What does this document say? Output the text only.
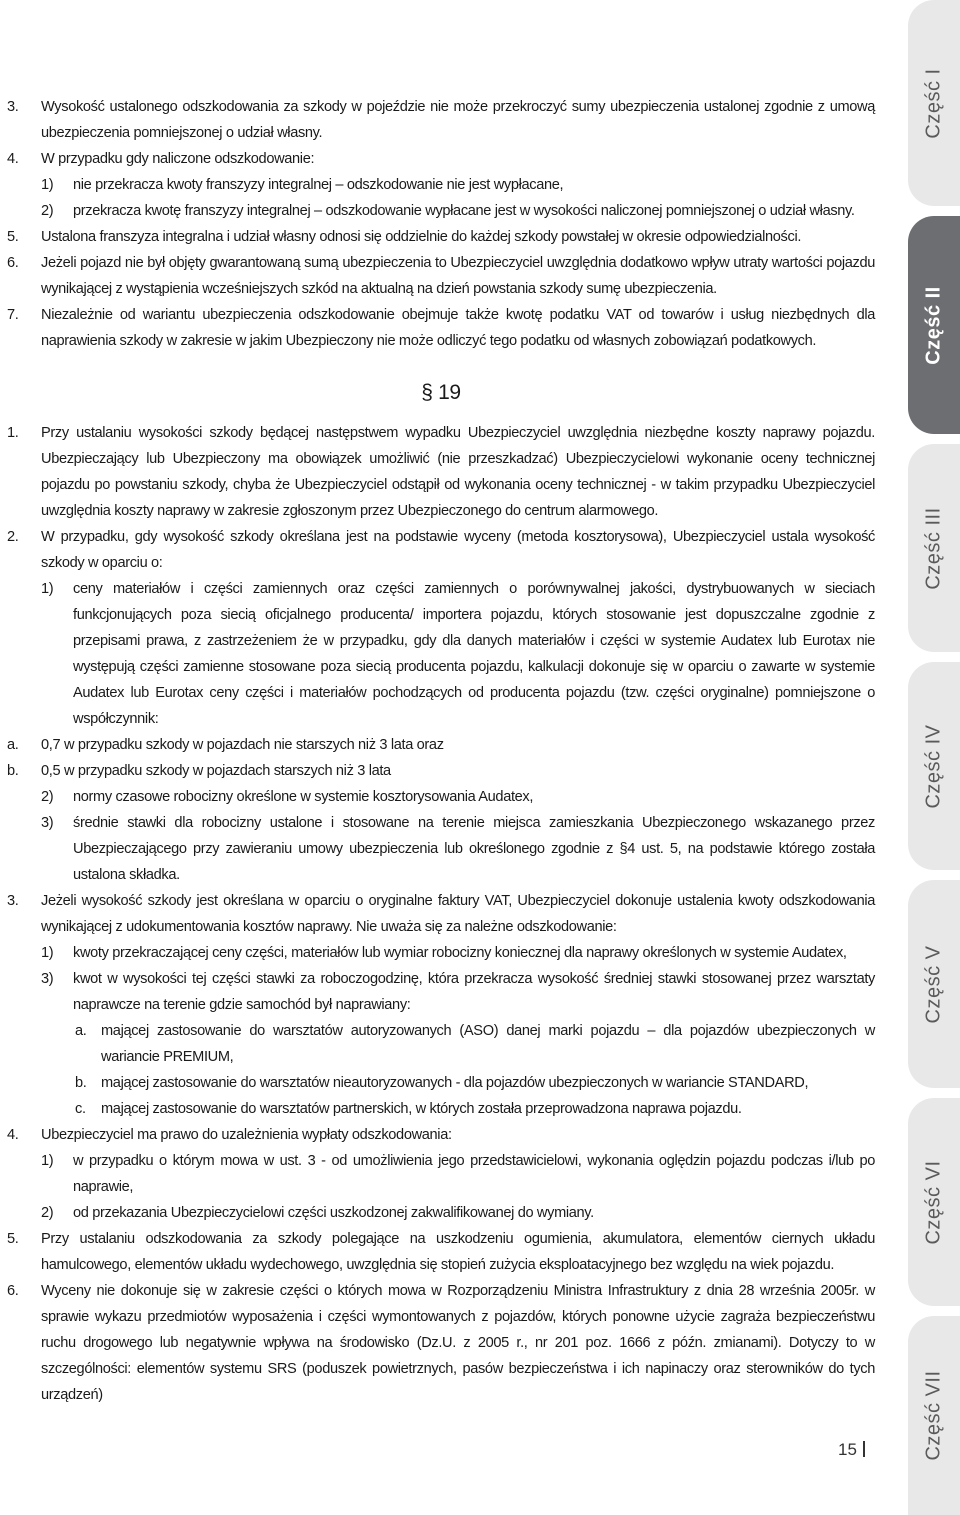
3. Wysokość ustalonego odszkodowania za szkody w pojeździe nie może przekroczyć sumy ubezpieczenia ustalonej zgodnie z umową ubezpieczenia pomniejszonej o udział własny.
4. W przypadku gdy naliczone odszkodowanie:
1) nie przekracza kwoty franszyzy integralnej – odszkodowanie nie jest wypłacane,
2) przekracza kwotę franszyzy integralnej – odszkodowanie wypłacane jest w wysokości naliczonej pomniejszonej o udział własny.
5. Ustalona franszyza integralna i udział własny odnosi się oddzielnie do każdej szkody powstałej w okresie odpowiedzialności.
6. Jeżeli pojazd nie był objęty gwarantowaną sumą ubezpieczenia to Ubezpieczyciel uwzględnia dodatkowo wpływ utraty wartości pojazdu wynikającej z wystąpienia wcześniejszych szkód na aktualną na dzień powstania szkody sumę ubezpieczenia.
7. Niezależnie od wariantu ubezpieczenia odszkodowanie obejmuje także kwotę podatku VAT od towarów i usług niezbędnych dla naprawienia szkody w zakresie w jakim Ubezpieczony nie może odliczyć tego podatku od własnych zobowiązań podatkowych.
§ 19
1. Przy ustalaniu wysokości szkody będącej następstwem wypadku Ubezpieczyciel uwzględnia niezbędne koszty naprawy pojazdu. Ubezpieczający lub Ubezpieczony ma obowiązek umożliwić (nie przeszkadzać) Ubezpieczycielowi wykonanie oceny technicznej pojazdu po powstaniu szkody, chyba że Ubezpieczyciel odstąpił od wykonania oceny technicznej - w takim przypadku Ubezpieczyciel uwzględnia koszty naprawy w zakresie zgłoszonym przez Ubezpieczonego do centrum alarmowego.
2. W przypadku, gdy wysokość szkody określana jest na podstawie wyceny (metoda kosztorysowa), Ubezpieczyciel ustala wysokość szkody w oparciu o:
1) ceny materiałów i części zamiennych oraz części zamiennych o porównywalnej jakości, dystrybuowanych w sieciach funkcjonujących poza siecią oficjalnego producenta/ importera pojazdu, których stosowanie jest dopuszczalne zgodnie z przepisami prawa, z zastrzeżeniem że w przypadku, gdy dla danych materiałów i części w systemie Audatex lub Eurotax nie występują części zamienne stosowane poza siecią producenta pojazdu, kalkulacji dokonuje się w oparciu o zawarte w systemie Audatex lub Eurotax ceny części i materiałów pochodzących od producenta pojazdu (tzw. części oryginalne) pomniejszone o współczynnik:
a. 0,7 w przypadku szkody w pojazdach nie starszych niż 3 lata oraz
b. 0,5 w przypadku szkody w pojazdach starszych niż 3 lata
2) normy czasowe robocizny określone w systemie kosztorysowania Audatex,
3) średnie stawki dla robocizny ustalone i stosowane na terenie miejsca zamieszkania Ubezpieczonego wskazanego przez Ubezpieczającego przy zawieraniu umowy ubezpieczenia lub określonego zgodnie z §4 ust. 5, na podstawie którego została ustalona składka.
3. Jeżeli wysokość szkody jest określana w oparciu o oryginalne faktury VAT, Ubezpieczyciel dokonuje ustalenia kwoty odszkodowania wynikającej z udokumentowania kosztów naprawy. Nie uważa się za należne odszkodowanie:
1) kwoty przekraczającej ceny części, materiałów lub wymiar robocizny koniecznej dla naprawy określonych w systemie Audatex,
3) kwot w wysokości tej części stawki za roboczogodzinę, która przekracza wysokość średniej stawki stosowanej przez warsztaty naprawcze na terenie gdzie samochód był naprawiany:
a. mającej zastosowanie do warsztatów autoryzowanych (ASO) danej marki pojazdu – dla pojazdów ubezpieczonych w wariancie PREMIUM,
b. mającej zastosowanie do warsztatów nieautoryzowanych - dla pojazdów ubezpieczonych w wariancie STANDARD,
c. mającej zastosowanie do warsztatów partnerskich, w których została przeprowadzona naprawa pojazdu.
4. Ubezpieczyciel ma prawo do uzależnienia wypłaty odszkodowania:
1) w przypadku o którym mowa w ust. 3 - od umożliwienia jego przedstawicielowi, wykonania oględzin pojazdu podczas i/lub po naprawie,
2) od przekazania Ubezpieczycielowi części uszkodzonej zakwalifikowanej do wymiany.
5. Przy ustalaniu odszkodowania za szkody polegające na uszkodzeniu ogumienia, akumulatora, elementów ciernych układu hamulcowego, elementów układu wydechowego, uwzględnia się stopień zużycia eksploatacyjnego bez względu na wiek pojazdu.
6. Wyceny nie dokonuje się w zakresie części o których mowa w Rozporządzeniu Ministra Infrastruktury z dnia 28 września 2005r. w sprawie wykazu przedmiotów wyposażenia i części wymontowanych z pojazdów, których ponowne użycie zagraża bezpieczeństwu ruchu drogowego lub negatywnie wpływa na środowisko (Dz.U. z 2005 r., nr 201 poz. 1666 z późn. zmianami). Dotyczy to w szczególności: elementów systemu SRS (poduszek powietrznych, pasów bezpieczeństwa i ich napinaczy oraz sterowników do tych urządzeń)
Część I
Część II
Część III
Część IV
Część V
Część VI
Część VII
15
